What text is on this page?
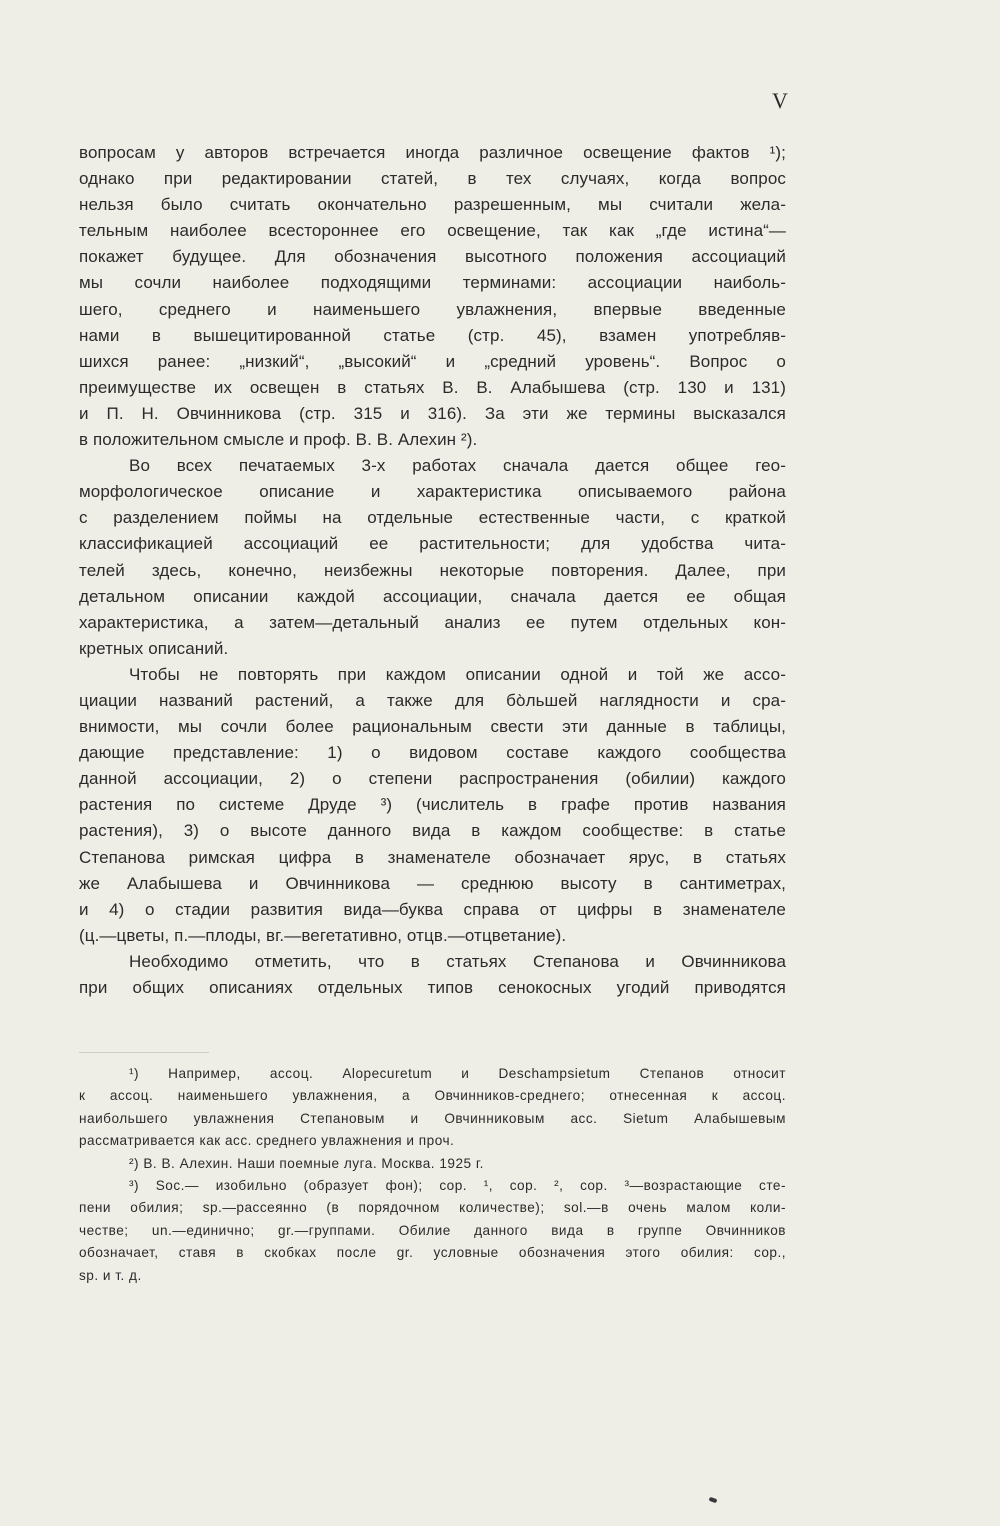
V
вопросам у авторов встречается иногда различное освещение фактов ¹);
однако при редактировании статей, в тех случаях, когда вопрос
нельзя было считать окончательно разрешенным, мы считали жела-
тельным наиболее всестороннее его освещение, так как „где истина“—
покажет будущее. Для обозначения высотного положения ассоциаций
мы сочли наиболее подходящими терминами: ассоциации наиболь-
шего, среднего и наименьшего увлажнения, впервые введенные
нами в вышецитированной статье (стр. 45), взамен употребляв-
шихся ранее: „низкий“, „высокий“ и „средний уровень“. Вопрос о
преимуществе их освещен в статьях В. В. Алабышева (стр. 130 и 131)
и П. Н. Овчинникова (стр. 315 и 316). За эти же термины высказался
в положительном смысле и проф. В. В. Алехин ²).
Во всех печатаемых 3-х работах сначала дается общее гео-
морфологическое описание и характеристика описываемого района
с разделением поймы на отдельные естественные части, с краткой
классификацией ассоциаций ее растительности; для удобства чита-
телей здесь, конечно, неизбежны некоторые повторения. Далее, при
детальном описании каждой ассоциации, сначала дается ее общая
характеристика, а затем—детальный анализ ее путем отдельных кон-
кретных описаний.
Чтобы не повторять при каждом описании одной и той же ассо-
циации названий растений, а также для бо̀льшей наглядности и сра-
внимости, мы сочли более рациональным свести эти данные в таблицы,
дающие представление: 1) о видовом составе каждого сообщества
данной ассоциации, 2) о степени распространения (обилии) каждого
растения по системе Друде ³) (числитель в графе против названия
растения), 3) о высоте данного вида в каждом сообществе: в статье
Степанова римская цифра в знаменателе обозначает ярус, в статьях
же Алабышева и Овчинникова — среднюю высоту в сантиметрах,
и 4) о стадии развития вида—буква справа от цифры в знаменателе
(ц.—цветы, п.—плоды, вг.—вегетативно, отцв.—отцветание).
Необходимо отметить, что в статьях Степанова и Овчинникова
при общих описаниях отдельных типов сенокосных угодий приводятся
¹) Например, ассоц. Alopecuretum и Deschampsietum Степанов относит
к ассоц. наименьшего увлажнения, а Овчинников-среднего; отнесенная к ассоц.
наибольшего увлажнения Степановым и Овчинниковым асс. Sietum Алабышевым
рассматривается как асс. среднего увлажнения и проч.
²) В. В. Алехин. Наши поемные луга. Москва. 1925 г.
³) Soc.— изобильно (образует фон); cop. ¹, cop. ², cop. ³—возрастающие сте-
пени обилия; sp.—рассеянно (в порядочном количестве); sol.—в очень малом коли-
честве; un.—единично; gr.—группами. Обилие данного вида в группе Овчинников
обозначает, ставя в скобках после gr. условные обозначения этого обилия: cop.,
sp. и т. д.
